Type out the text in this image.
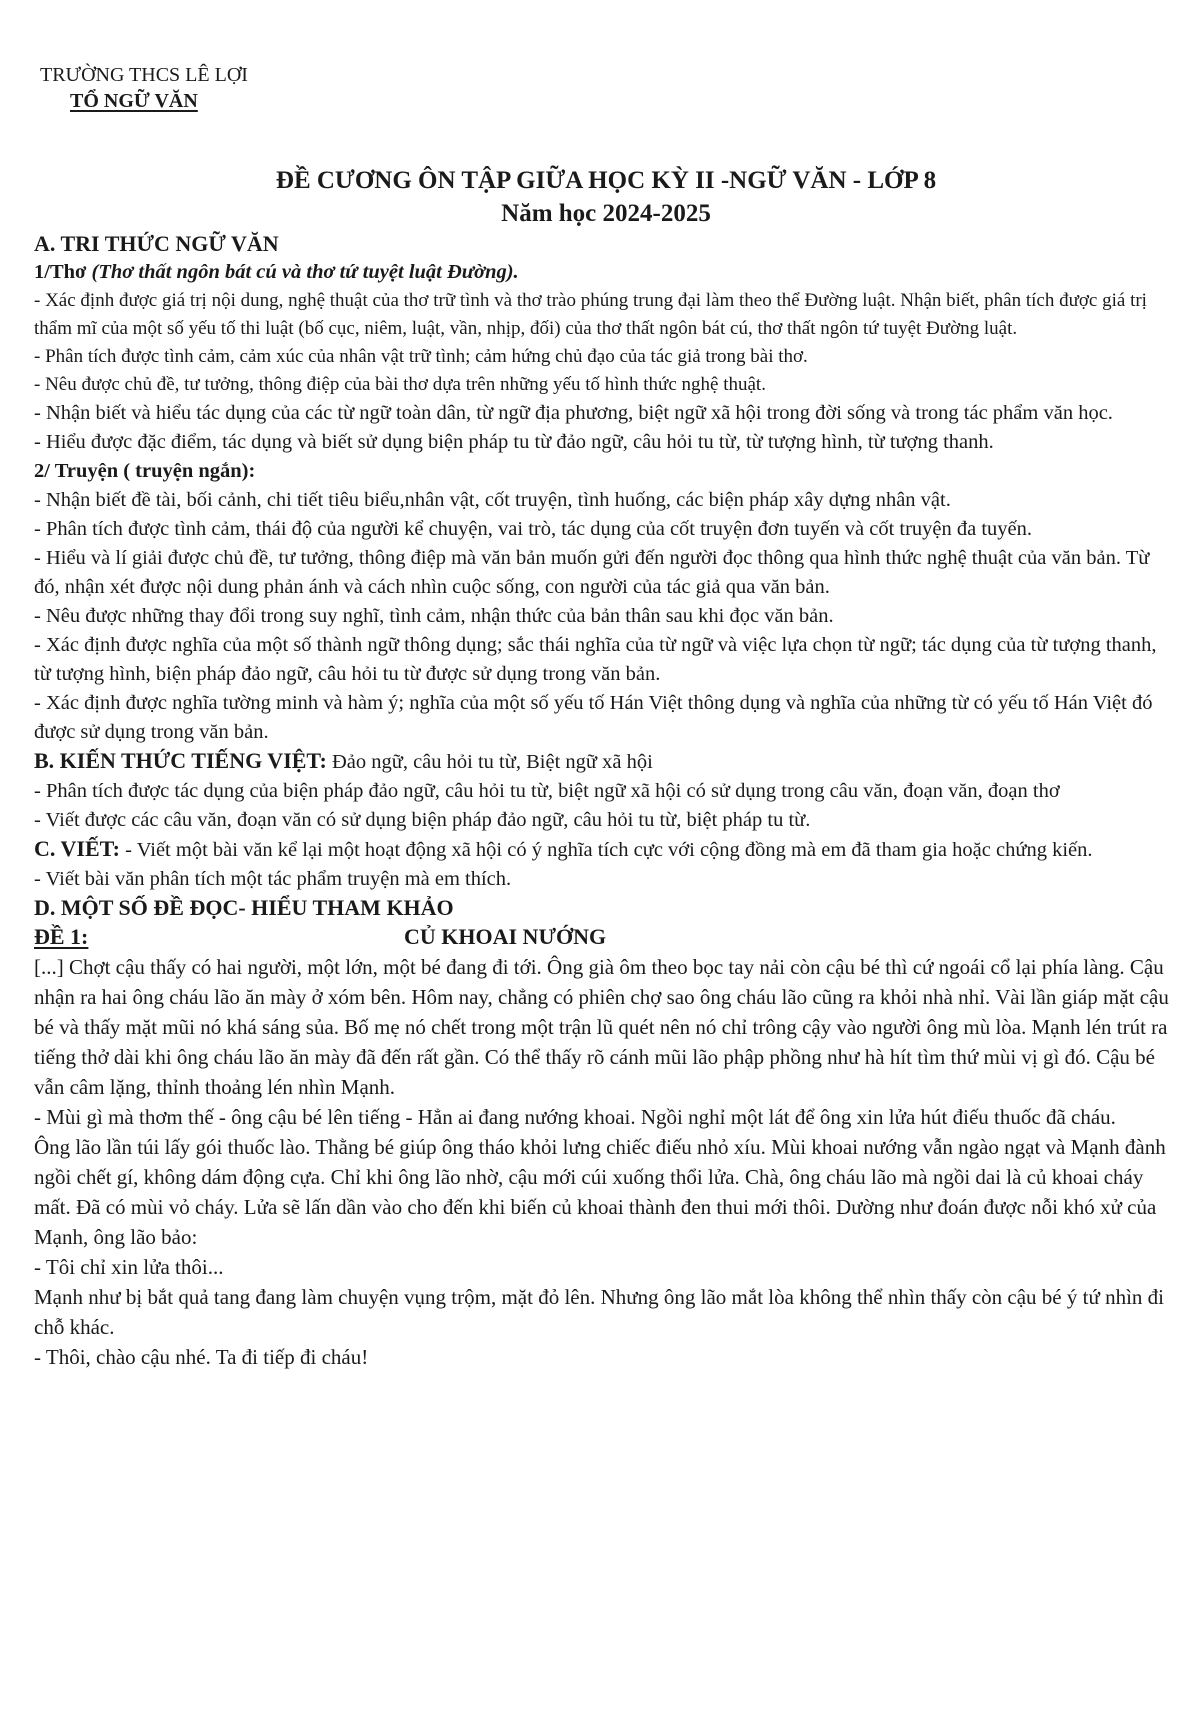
TRƯỜNG THCS LÊ LỢI
TỔ NGỮ VĂN
ĐỀ CƯƠNG ÔN TẬP GIỮA HỌC KỲ II -NGỮ VĂN - LỚP 8
Năm học 2024-2025
A. TRI THỨC NGỮ VĂN

1/Thơ (Thơ thất ngôn bát cú và thơ tứ tuyệt luật Đường).

- Xác định được giá trị nội dung, nghệ thuật của thơ trữ tình và thơ trào phúng trung đại làm theo thể Đường luật. Nhận biết, phân tích được giá trị thẩm mĩ của một số yếu tố thi luật (bố cục, niêm, luật, vần, nhịp, đối) của thơ thất ngôn bát cú, thơ thất ngôn tứ tuyệt Đường luật.

- Phân tích được tình cảm, cảm xúc của nhân vật trữ tình; cảm hứng chủ đạo của tác giả trong bài thơ.

- Nêu được chủ đề, tư tưởng, thông điệp của bài thơ dựa trên những yếu tố hình thức nghệ thuật.

- Nhận biết và hiểu tác dụng của các từ ngữ toàn dân, từ ngữ địa phương, biệt ngữ xã hội trong đời sống và trong tác phẩm văn học.

- Hiểu được đặc điểm, tác dụng và biết sử dụng biện pháp tu từ đảo ngữ, câu hỏi tu từ, từ tượng hình, từ tượng thanh.

2/ Truyện ( truyện ngắn):

- Nhận biết đề tài, bối cảnh, chi tiết tiêu biểu,nhân vật, cốt truyện, tình huống, các biện pháp xây dựng nhân vật.

- Phân tích được tình cảm, thái độ của người kể chuyện, vai trò, tác dụng của cốt truyện đơn tuyến và cốt truyện đa tuyến.

- Hiểu và lí giải được chủ đề, tư tưởng, thông điệp mà văn bản muốn gửi đến người đọc thông qua hình thức nghệ thuật của văn bản. Từ đó, nhận xét được nội dung phản ánh và cách nhìn cuộc sống, con người của tác giả qua văn bản.

- Nêu được những thay đổi trong suy nghĩ, tình cảm, nhận thức của bản thân sau khi đọc văn bản.

- Xác định được nghĩa của một số thành ngữ thông dụng; sắc thái nghĩa của từ ngữ và việc lựa chọn từ ngữ; tác dụng của từ tượng thanh, từ tượng hình, biện pháp đảo ngữ, câu hỏi tu từ được sử dụng trong văn bản.

- Xác định được nghĩa tường minh và hàm ý; nghĩa của một số yếu tố Hán Việt thông dụng và nghĩa của những từ có yếu tố Hán Việt đó được sử dụng trong văn bản.

B. KIẾN THỨC TIẾNG VIỆT: Đảo ngữ, câu hỏi tu từ, Biệt ngữ xã hội

- Phân tích được tác dụng của biện pháp đảo ngữ, câu hỏi tu từ, biệt ngữ xã hội có sử dụng trong câu văn, đoạn văn, đoạn thơ

- Viết được các câu văn, đoạn văn có sử dụng biện pháp đảo ngữ, câu hỏi tu từ, biệt pháp tu từ.

C. VIẾT: - Viết một bài văn kể lại một hoạt động xã hội có ý nghĩa tích cực với cộng đồng mà em đã tham gia hoặc chứng kiến.

- Viết bài văn phân tích một tác phẩm truyện mà em thích.

D. MỘT SỐ ĐỀ ĐỌC- HIỂU THAM KHẢO
ĐỀ 1:	CỦ KHOAI NƯỚNG

[...] Chợt cậu thấy có hai người, một lớn, một bé đang đi tới. Ông già ôm theo bọc tay nải còn cậu bé thì cứ ngoái cổ lại phía làng. Cậu nhận ra hai ông cháu lão ăn mày ở xóm bên. Hôm nay, chẳng có phiên chợ sao ông cháu lão cũng ra khỏi nhà nhỉ. Vài lần giáp mặt cậu bé và thấy mặt mũi nó khá sáng sủa. Bố mẹ nó chết trong một trận lũ quét nên nó chỉ trông cậy vào người ông mù lòa. Mạnh lén trút ra tiếng thở dài khi ông cháu lão ăn mày đã đến rất gần. Có thể thấy rõ cánh mũi lão phập phồng như hà hít tìm thứ mùi vị gì đó. Cậu bé vẫn câm lặng, thỉnh thoảng lén nhìn Mạnh.

- Mùi gì mà thơm thế - ông cậu bé lên tiếng - Hẳn ai đang nướng khoai. Ngồi nghỉ một lát để ông xin lửa hút điếu thuốc đã cháu.

Ông lão lần túi lấy gói thuốc lào. Thằng bé giúp ông tháo khỏi lưng chiếc điếu nhỏ xíu. Mùi khoai nướng vẫn ngào ngạt và Mạnh đành ngồi chết gí, không dám động cựa. Chỉ khi ông lão nhờ, cậu mới cúi xuống thổi lửa. Chà, ông cháu lão mà ngồi dai là củ khoai cháy mất. Đã có mùi vỏ cháy. Lửa sẽ lấn dần vào cho đến khi biến củ khoai thành đen thui mới thôi. Dường như đoán được nỗi khó xử của Mạnh, ông lão bảo:

- Tôi chỉ xin lửa thôi...

Mạnh như bị bắt quả tang đang làm chuyện vụng trộm, mặt đỏ lên. Nhưng ông lão mắt lòa không thể nhìn thấy còn cậu bé ý tứ nhìn đi chỗ khác.

- Thôi, chào cậu nhé. Ta đi tiếp đi cháu!
